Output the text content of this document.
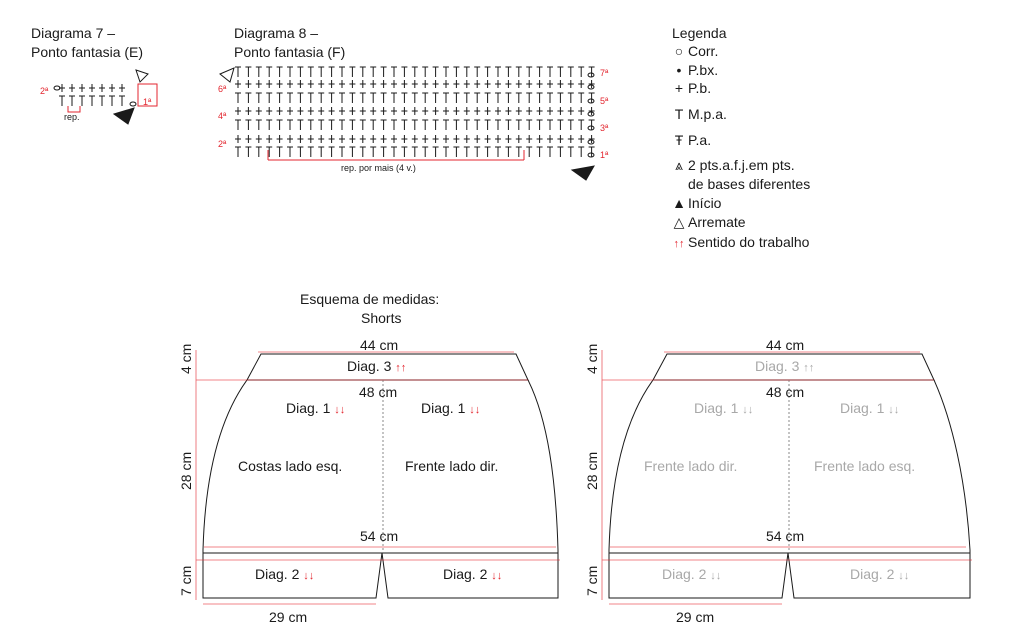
Diagrama 7 –
Ponto fantasia (E)
2ª
1ª
rep.
Diagrama 8 –
Ponto fantasia (F)
6ª
4ª
2ª
7ª
5ª
3ª
1ª
rep. por mais (4 v.)
Legenda
○ Corr.
• P.bx.
+ P.b.
T M.p.a.
Ŧ P.a.
⩓ 2 pts.a.f.j.em pts.
de bases diferentes
▲ Início
△ Arremate
↑↑ Sentido do trabalho
Esquema de medidas:
Shorts
44 cm
Diag. 3 ↑↑
48 cm
Diag. 1 ↓↓	Diag. 1 ↓↓
Costas lado esq.	Frente lado dir.
54 cm
Diag. 2 ↓↓	Diag. 2 ↓↓
29 cm
4 cm
28 cm
7 cm
44 cm
Diag. 3 ↑↑
48 cm
Diag. 1 ↓↓	Diag. 1 ↓↓
Frente lado dir.	Frente lado esq.
54 cm
Diag. 2 ↓↓	Diag. 2 ↓↓
29 cm
4 cm
28 cm
7 cm
